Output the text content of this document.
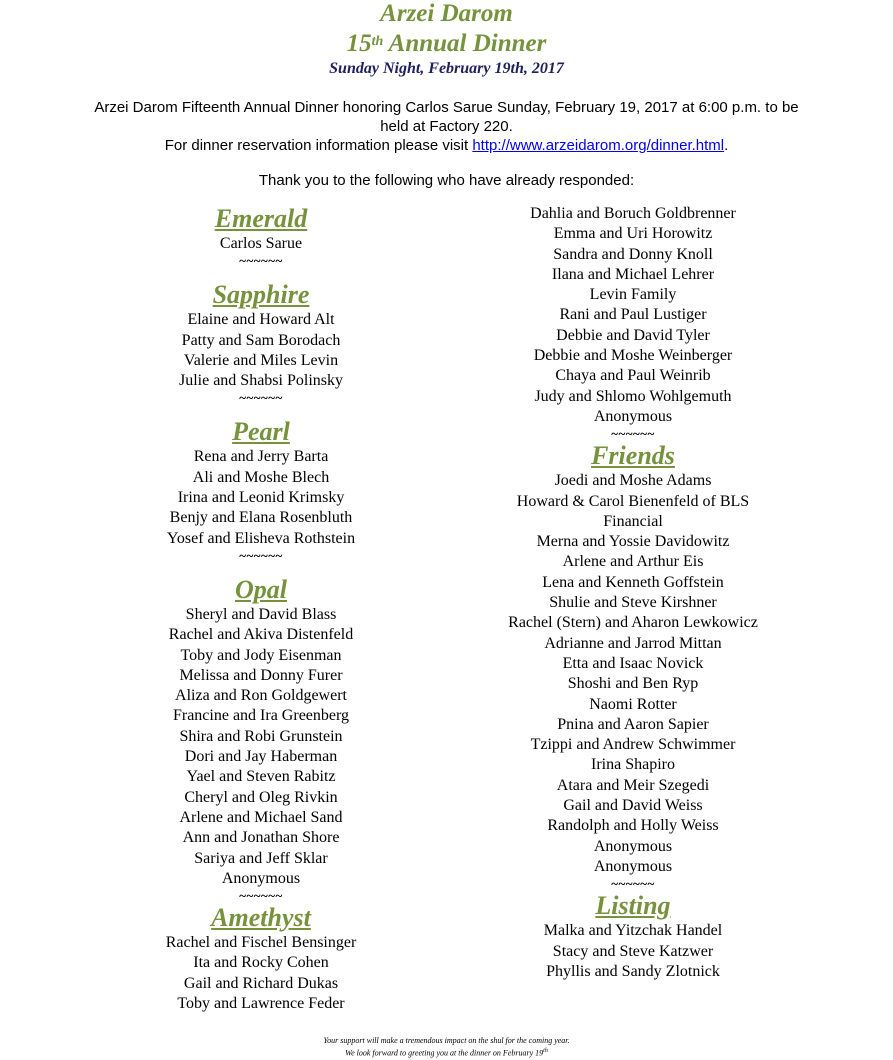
Arzei Darom
15th Annual Dinner
Sunday Night, February 19th, 2017
Arzei Darom Fifteenth Annual Dinner honoring Carlos Sarue Sunday, February 19, 2017 at 6:00 p.m. to be held at Factory 220.
For dinner reservation information please visit http://www.arzeidarom.org/dinner.html.
Thank you to the following who have already responded:
Emerald
Carlos Sarue
~~~~~~
Sapphire
Elaine and Howard Alt
Patty and Sam Borodach
Valerie and Miles Levin
Julie and Shabsi Polinsky
~~~~~~
Pearl
Rena and Jerry Barta
Ali and Moshe Blech
Irina and Leonid Krimsky
Benjy and Elana Rosenbluth
Yosef and Elisheva Rothstein
~~~~~~
Opal
Sheryl and David Blass
Rachel and Akiva Distenfeld
Toby and Jody Eisenman
Melissa and Donny Furer
Aliza and Ron Goldgewert
Francine and Ira Greenberg
Shira and Robi Grunstein
Dori and Jay Haberman
Yael and Steven Rabitz
Cheryl and Oleg Rivkin
Arlene and Michael Sand
Ann and Jonathan Shore
Sariya and Jeff Sklar
Anonymous
~~~~~~
Amethyst
Rachel and Fischel Bensinger
Ita and Rocky Cohen
Gail and Richard Dukas
Toby and Lawrence Feder
Dahlia and Boruch Goldbrenner
Emma and Uri Horowitz
Sandra and Donny Knoll
Ilana and Michael Lehrer
Levin Family
Rani and Paul Lustiger
Debbie and David Tyler
Debbie and Moshe Weinberger
Chaya and Paul Weinrib
Judy and Shlomo Wohlgemuth
Anonymous
~~~~~~
Friends
Joedi and Moshe Adams
Howard & Carol Bienenfeld of BLS
Financial
Merna and Yossie Davidowitz
Arlene and Arthur Eis
Lena and Kenneth Goffstein
Shulie and Steve Kirshner
Rachel (Stern) and Aharon Lewkowicz
Adrianne and Jarrod Mittan
Etta and Isaac Novick
Shoshi and Ben Ryp
Naomi Rotter
Pnina and Aaron Sapier
Tzippi and Andrew Schwimmer
Irina Shapiro
Atara and Meir Szegedi
Gail and David Weiss
Randolph and Holly Weiss
Anonymous
Anonymous
~~~~~~
Listing
Malka and Yitzchak Handel
Stacy and Steve Katzwer
Phyllis and Sandy Zlotnick
Your support will make a tremendous impact on the shul for the coming year.
We look forward to greeting you at the dinner on February 19th
